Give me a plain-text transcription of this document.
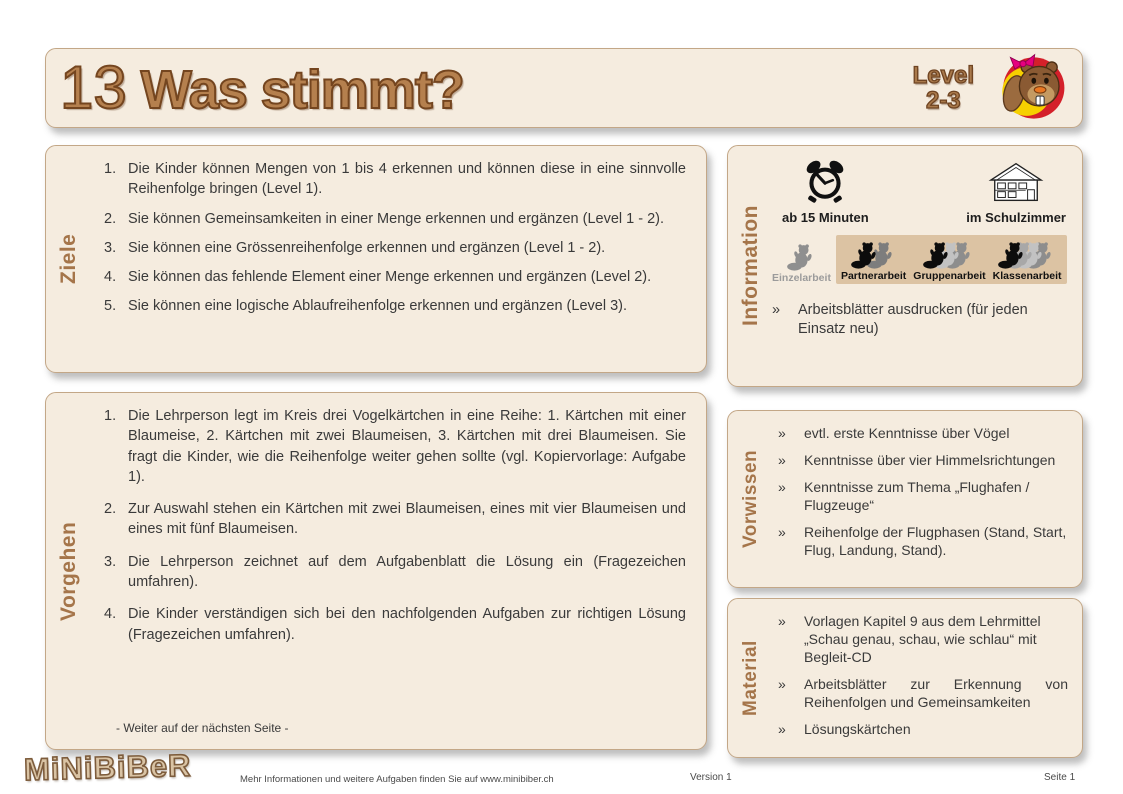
13 Was stimmt?	Level
2-3
Ziele
1. Die Kinder können Mengen von 1 bis 4 erkennen und können diese in eine sinnvolle Reihenfolge bringen (Level 1).
2. Sie können Gemeinsamkeiten in einer Menge erkennen und ergänzen (Level 1 - 2).
3. Sie können eine Grössenreihenfolge erkennen und ergänzen (Level 1 - 2).
4. Sie können das fehlende Element einer Menge erkennen und ergänzen (Level 2).
5. Sie können eine logische Ablaufreihenfolge erkennen und ergänzen (Level 3).
Vorgehen
1. Die Lehrperson legt im Kreis drei Vogelkärtchen in eine Reihe: 1. Kärtchen mit einer Blaumeise, 2. Kärtchen mit zwei Blaumeisen, 3. Kärtchen mit drei Blaumeisen. Sie fragt die Kinder, wie die Reihenfolge weiter gehen sollte (vgl. Kopiervorlage: Aufgabe 1).
2. Zur Auswahl stehen ein Kärtchen mit zwei Blaumeisen, eines mit vier Blaumeisen und eines mit fünf Blaumeisen.
3. Die Lehrperson zeichnet auf dem Aufgabenblatt die Lösung ein (Fragezeichen umfahren).
4. Die Kinder verständigen sich bei den nachfolgenden Aufgaben zur richtigen Lösung (Fragezeichen umfahren).
- Weiter auf der nächsten Seite -
Information	ab 15 Minuten	im Schulzimmer
Einzelarbeit Partnerarbeit Gruppenarbeit Klassenarbeit
»	Arbeitsblätter ausdrucken (für jeden Einsatz neu)
Vorwissen
»	evtl. erste Kenntnisse über Vögel
»	Kenntnisse über vier Himmelsrichtungen
»	Kenntnisse zum Thema „Flughafen / Flugzeuge“
»	Reihenfolge der Flugphasen (Stand, Start, Flug, Landung, Stand).
Material
»	Vorlagen Kapitel 9 aus dem Lehrmittel „Schau genau, schau, wie schlau“ mit Begleit-CD
»	Arbeitsblätter zur Erkennung von Reihenfolgen und Gemeinsamkeiten
»	Lösungskärtchen
MiNiBiBeR	Mehr Informationen und weitere Aufgaben finden Sie auf www.minibiber.ch	Version 1	Seite 1
